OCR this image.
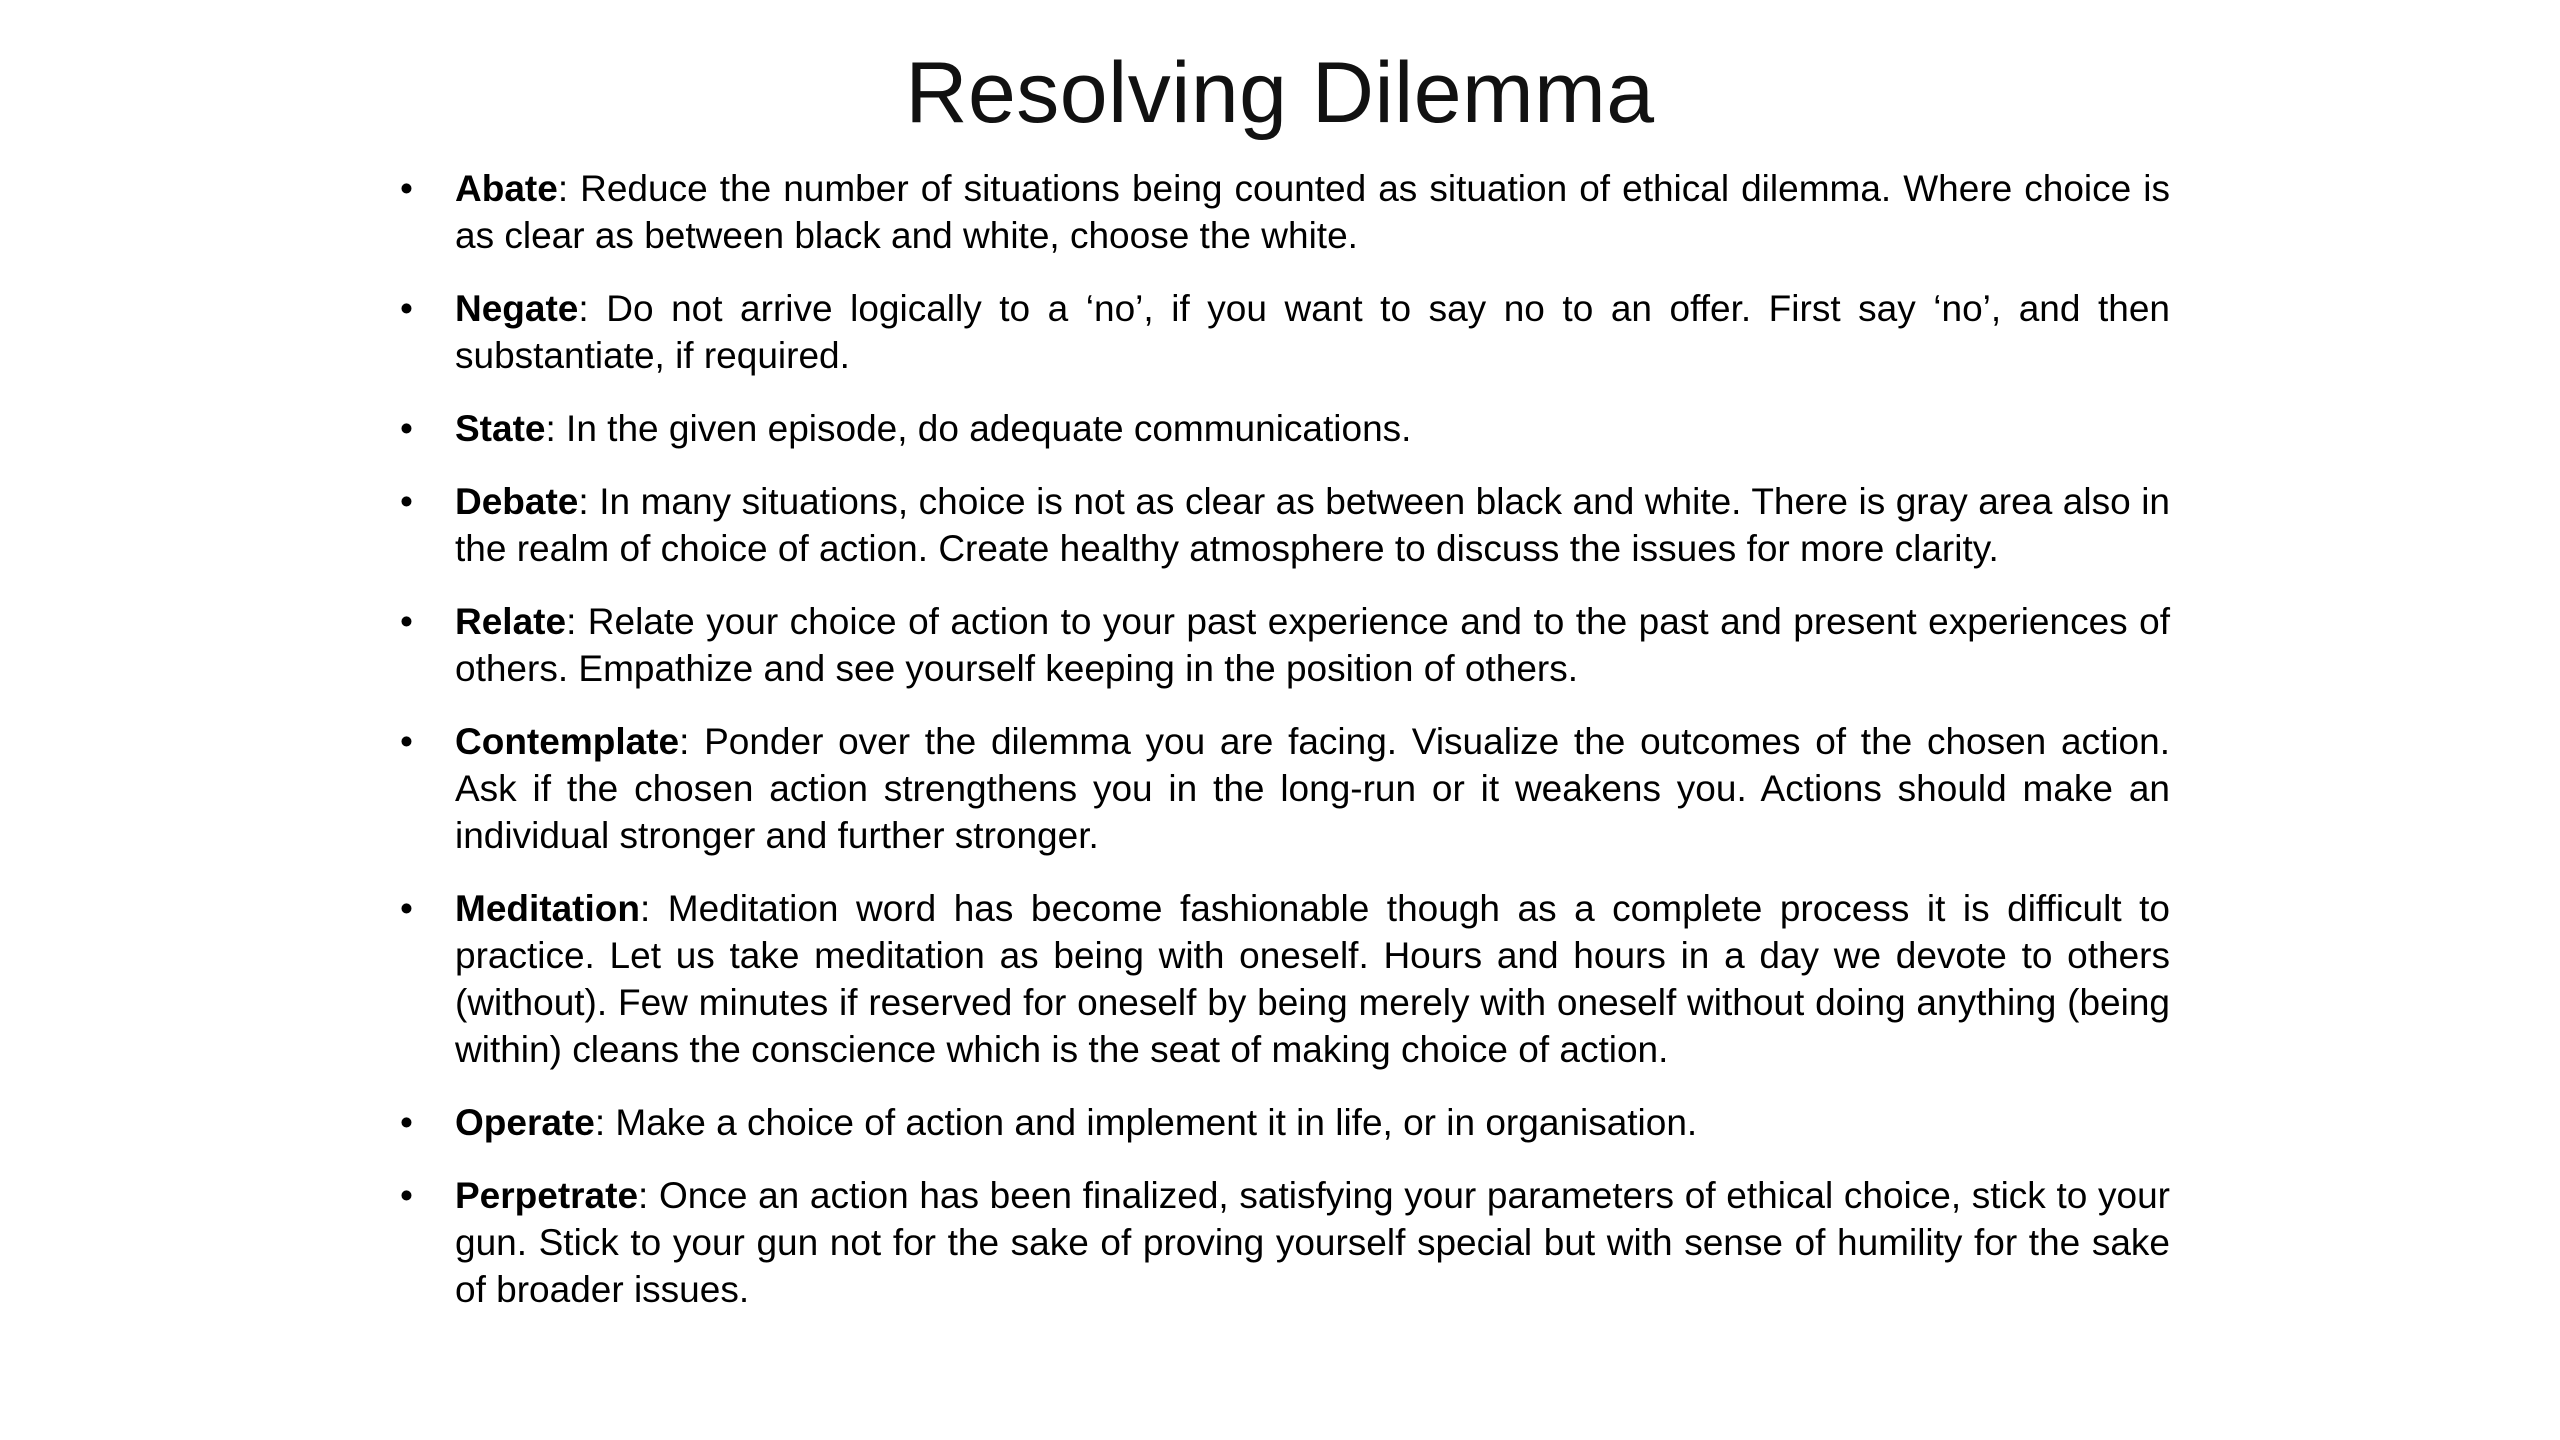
Resolving Dilemma
•	Abate: Reduce the number of situations being counted as situation of ethical dilemma. Where choice is as clear as between black and white, choose the white.
•	Negate: Do not arrive logically to a ‘no’, if you want to say no to an offer. First say ‘no’, and then substantiate, if required.
•	State: In the given episode, do adequate communications.
•	Debate: In many situations, choice is not as clear as between black and white. There is gray area also in the realm of choice of action. Create healthy atmosphere to discuss the issues for more clarity.
•	Relate: Relate your choice of action to your past experience and to the past and present experiences of others. Empathize and see yourself keeping in the position of others.
•	Contemplate: Ponder over the dilemma you are facing. Visualize the outcomes of the chosen action. Ask if the chosen action strengthens you in the long-run or it weakens you. Actions should make an individual stronger and further stronger.
•	Meditation: Meditation word has become fashionable though as a complete process it is difficult to practice. Let us take meditation as being with oneself. Hours and hours in a day we devote to others (without). Few minutes if reserved for oneself by being merely with oneself without doing anything (being within) cleans the conscience which is the seat of making choice of action.
•	Operate: Make a choice of action and implement it in life, or in organisation.
•	Perpetrate: Once an action has been finalized, satisfying your parameters of ethical choice, stick to your gun. Stick to your gun not for the sake of proving yourself special but with sense of humility for the sake of broader issues.
